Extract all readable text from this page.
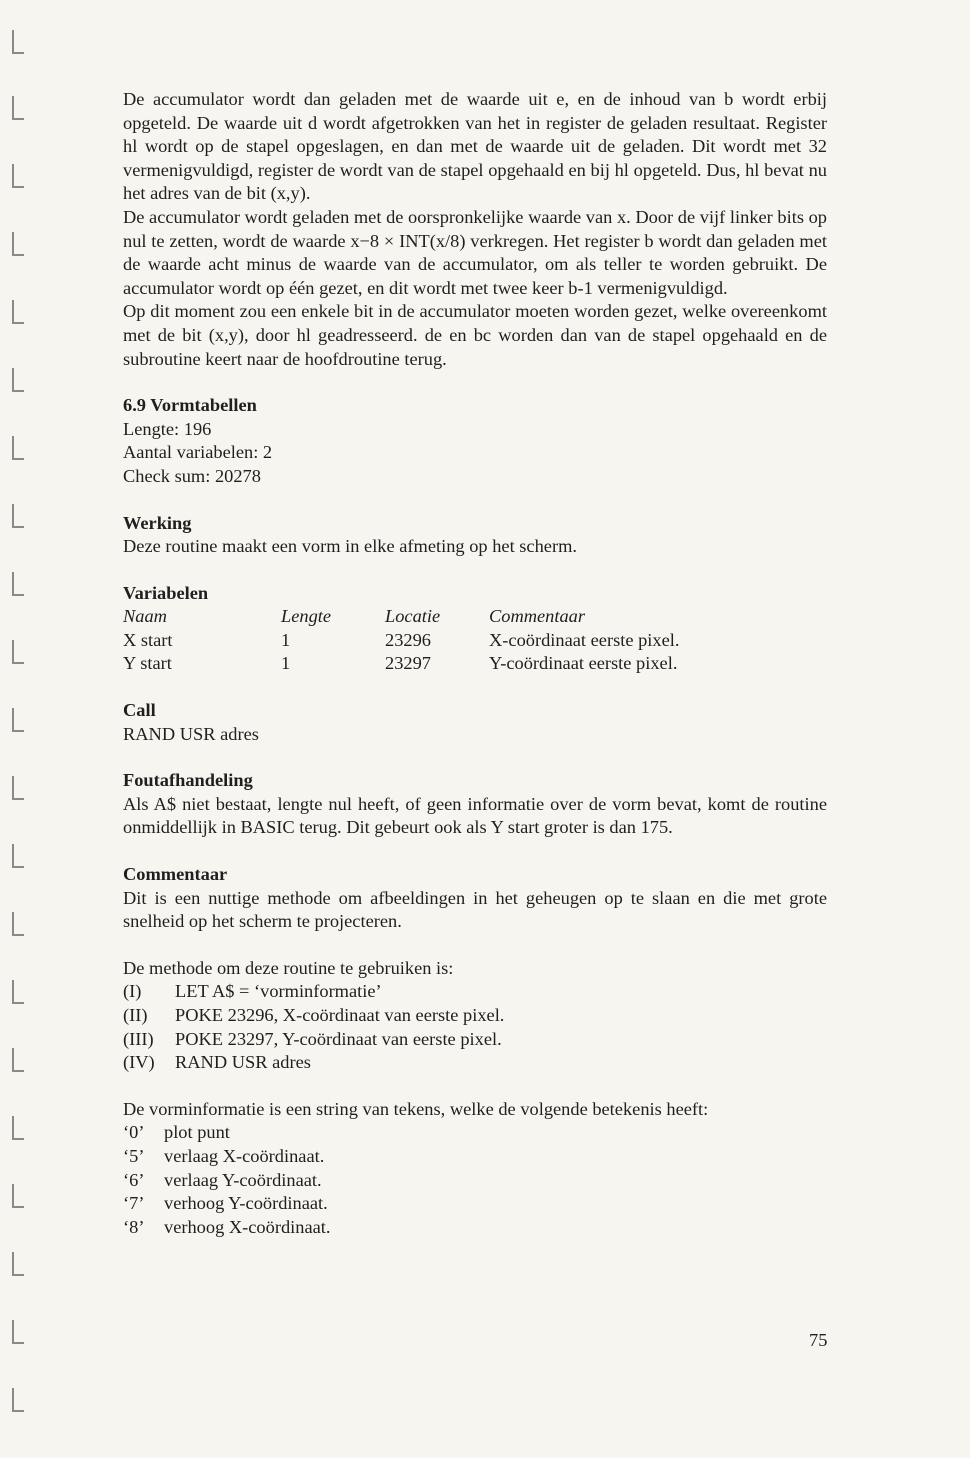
De accumulator wordt dan geladen met de waarde uit e, en de inhoud van b wordt erbij opgeteld. De waarde uit d wordt afgetrokken van het in register de geladen resultaat. Register hl wordt op de stapel opgeslagen, en dan met de waarde uit de geladen. Dit wordt met 32 vermenigvuldigd, register de wordt van de stapel opgehaald en bij hl opgeteld. Dus, hl bevat nu het adres van de bit (x,y).

De accumulator wordt geladen met de oorspronkelijke waarde van x. Door de vijf linker bits op nul te zetten, wordt de waarde x−8 × INT(x/8) verkregen. Het register b wordt dan geladen met de waarde acht minus de waarde van de accumulator, om als teller te worden gebruikt. De accumulator wordt op één gezet, en dit wordt met twee keer b-1 vermenigvuldigd.

Op dit moment zou een enkele bit in de accumulator moeten worden gezet, welke overeenkomt met de bit (x,y), door hl geadresseerd. de en bc worden dan van de stapel opgehaald en de subroutine keert naar de hoofdroutine terug.

6.9 Vormtabellen
Lengte: 196
Aantal variabelen: 2
Check sum: 20278
Werking

Deze routine maakt een vorm in elke afmeting op het scherm.

Variabelen
Naam	Lengte	Locatie	Commentaar
X start	1	23296	X-coördinaat eerste pixel.
Y start	1	23297	Y-coördinaat eerste pixel.
Call
RAND USR adres
Foutafhandeling

Als A$ niet bestaat, lengte nul heeft, of geen informatie over de vorm bevat, komt de routine onmiddellijk in BASIC terug. Dit gebeurt ook als Y start groter is dan 175.

Commentaar

Dit is een nuttige methode om afbeeldingen in het geheugen op te slaan en die met grote snelheid op het scherm te projecteren.

De methode om deze routine te gebruiken is:
(I)	LET A$ = ‘vorminformatie’
(II)	POKE 23296, X-coördinaat van eerste pixel.
(III)	POKE 23297, Y-coördinaat van eerste pixel.
(IV)	RAND USR adres
De vorminformatie is een string van tekens, welke de volgende betekenis heeft:
‘0’	plot punt
‘5’	verlaag X-coördinaat.
‘6’	verlaag Y-coördinaat.
‘7’	verhoog Y-coördinaat.
‘8’	verhoog X-coördinaat.
75
